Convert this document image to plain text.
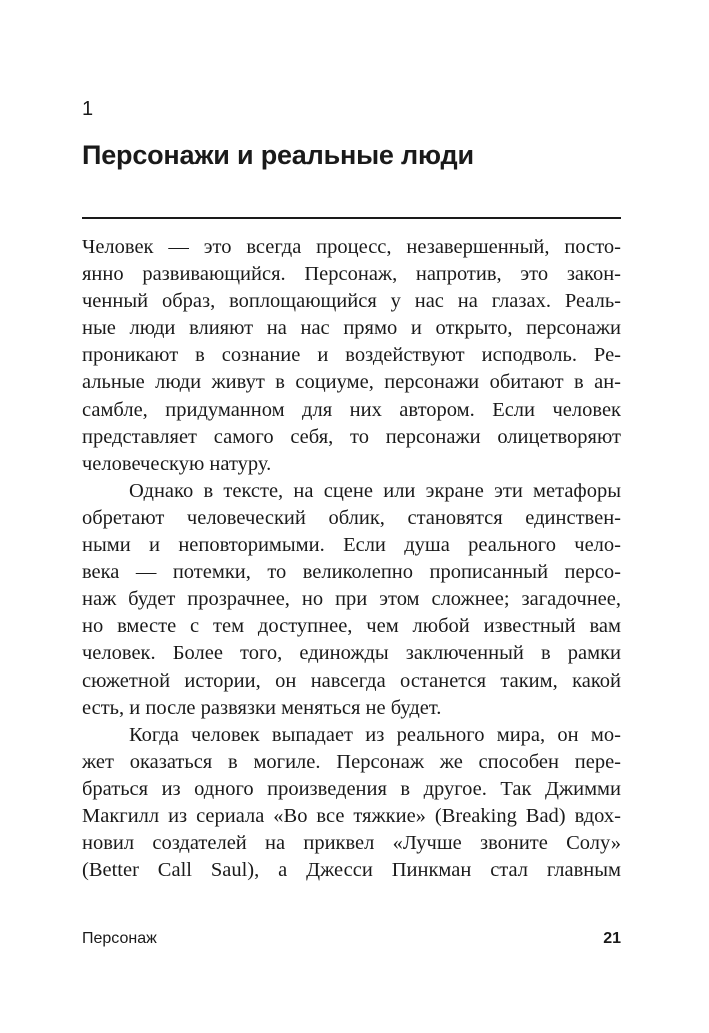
1
Персонажи и реальные люди
Человек — это всегда процесс, незавершенный, посто-
янно развивающийся. Персонаж, напротив, это закон-
ченный образ, воплощающийся у нас на глазах. Реаль-
ные люди влияют на нас прямо и открыто, персонажи
проникают в сознание и воздействуют исподволь. Ре-
альные люди живут в социуме, персонажи обитают в ан-
самбле, придуманном для них автором. Если человек
представляет самого себя, то персонажи олицетворяют
человеческую натуру.
Однако в тексте, на сцене или экране эти метафоры
обретают человеческий облик, становятся единствен-
ными и неповторимыми. Если душа реального чело-
века — потемки, то великолепно прописанный персо-
наж будет прозрачнее, но при этом сложнее; загадочнее,
но вместе с тем доступнее, чем любой известный вам
человек. Более того, единожды заключенный в рамки
сюжетной истории, он навсегда останется таким, какой
есть, и после развязки меняться не будет.
Когда человек выпадает из реального мира, он мо-
жет оказаться в могиле. Персонаж же способен пере-
браться из одного произведения в другое. Так Джимми
Макгилл из сериала «Во все тяжкие» (Breaking Bad) вдох-
новил создателей на приквел «Лучше звоните Солу»
(Better Call Saul), а Джесси Пинкман стал главным
Персонаж	21
